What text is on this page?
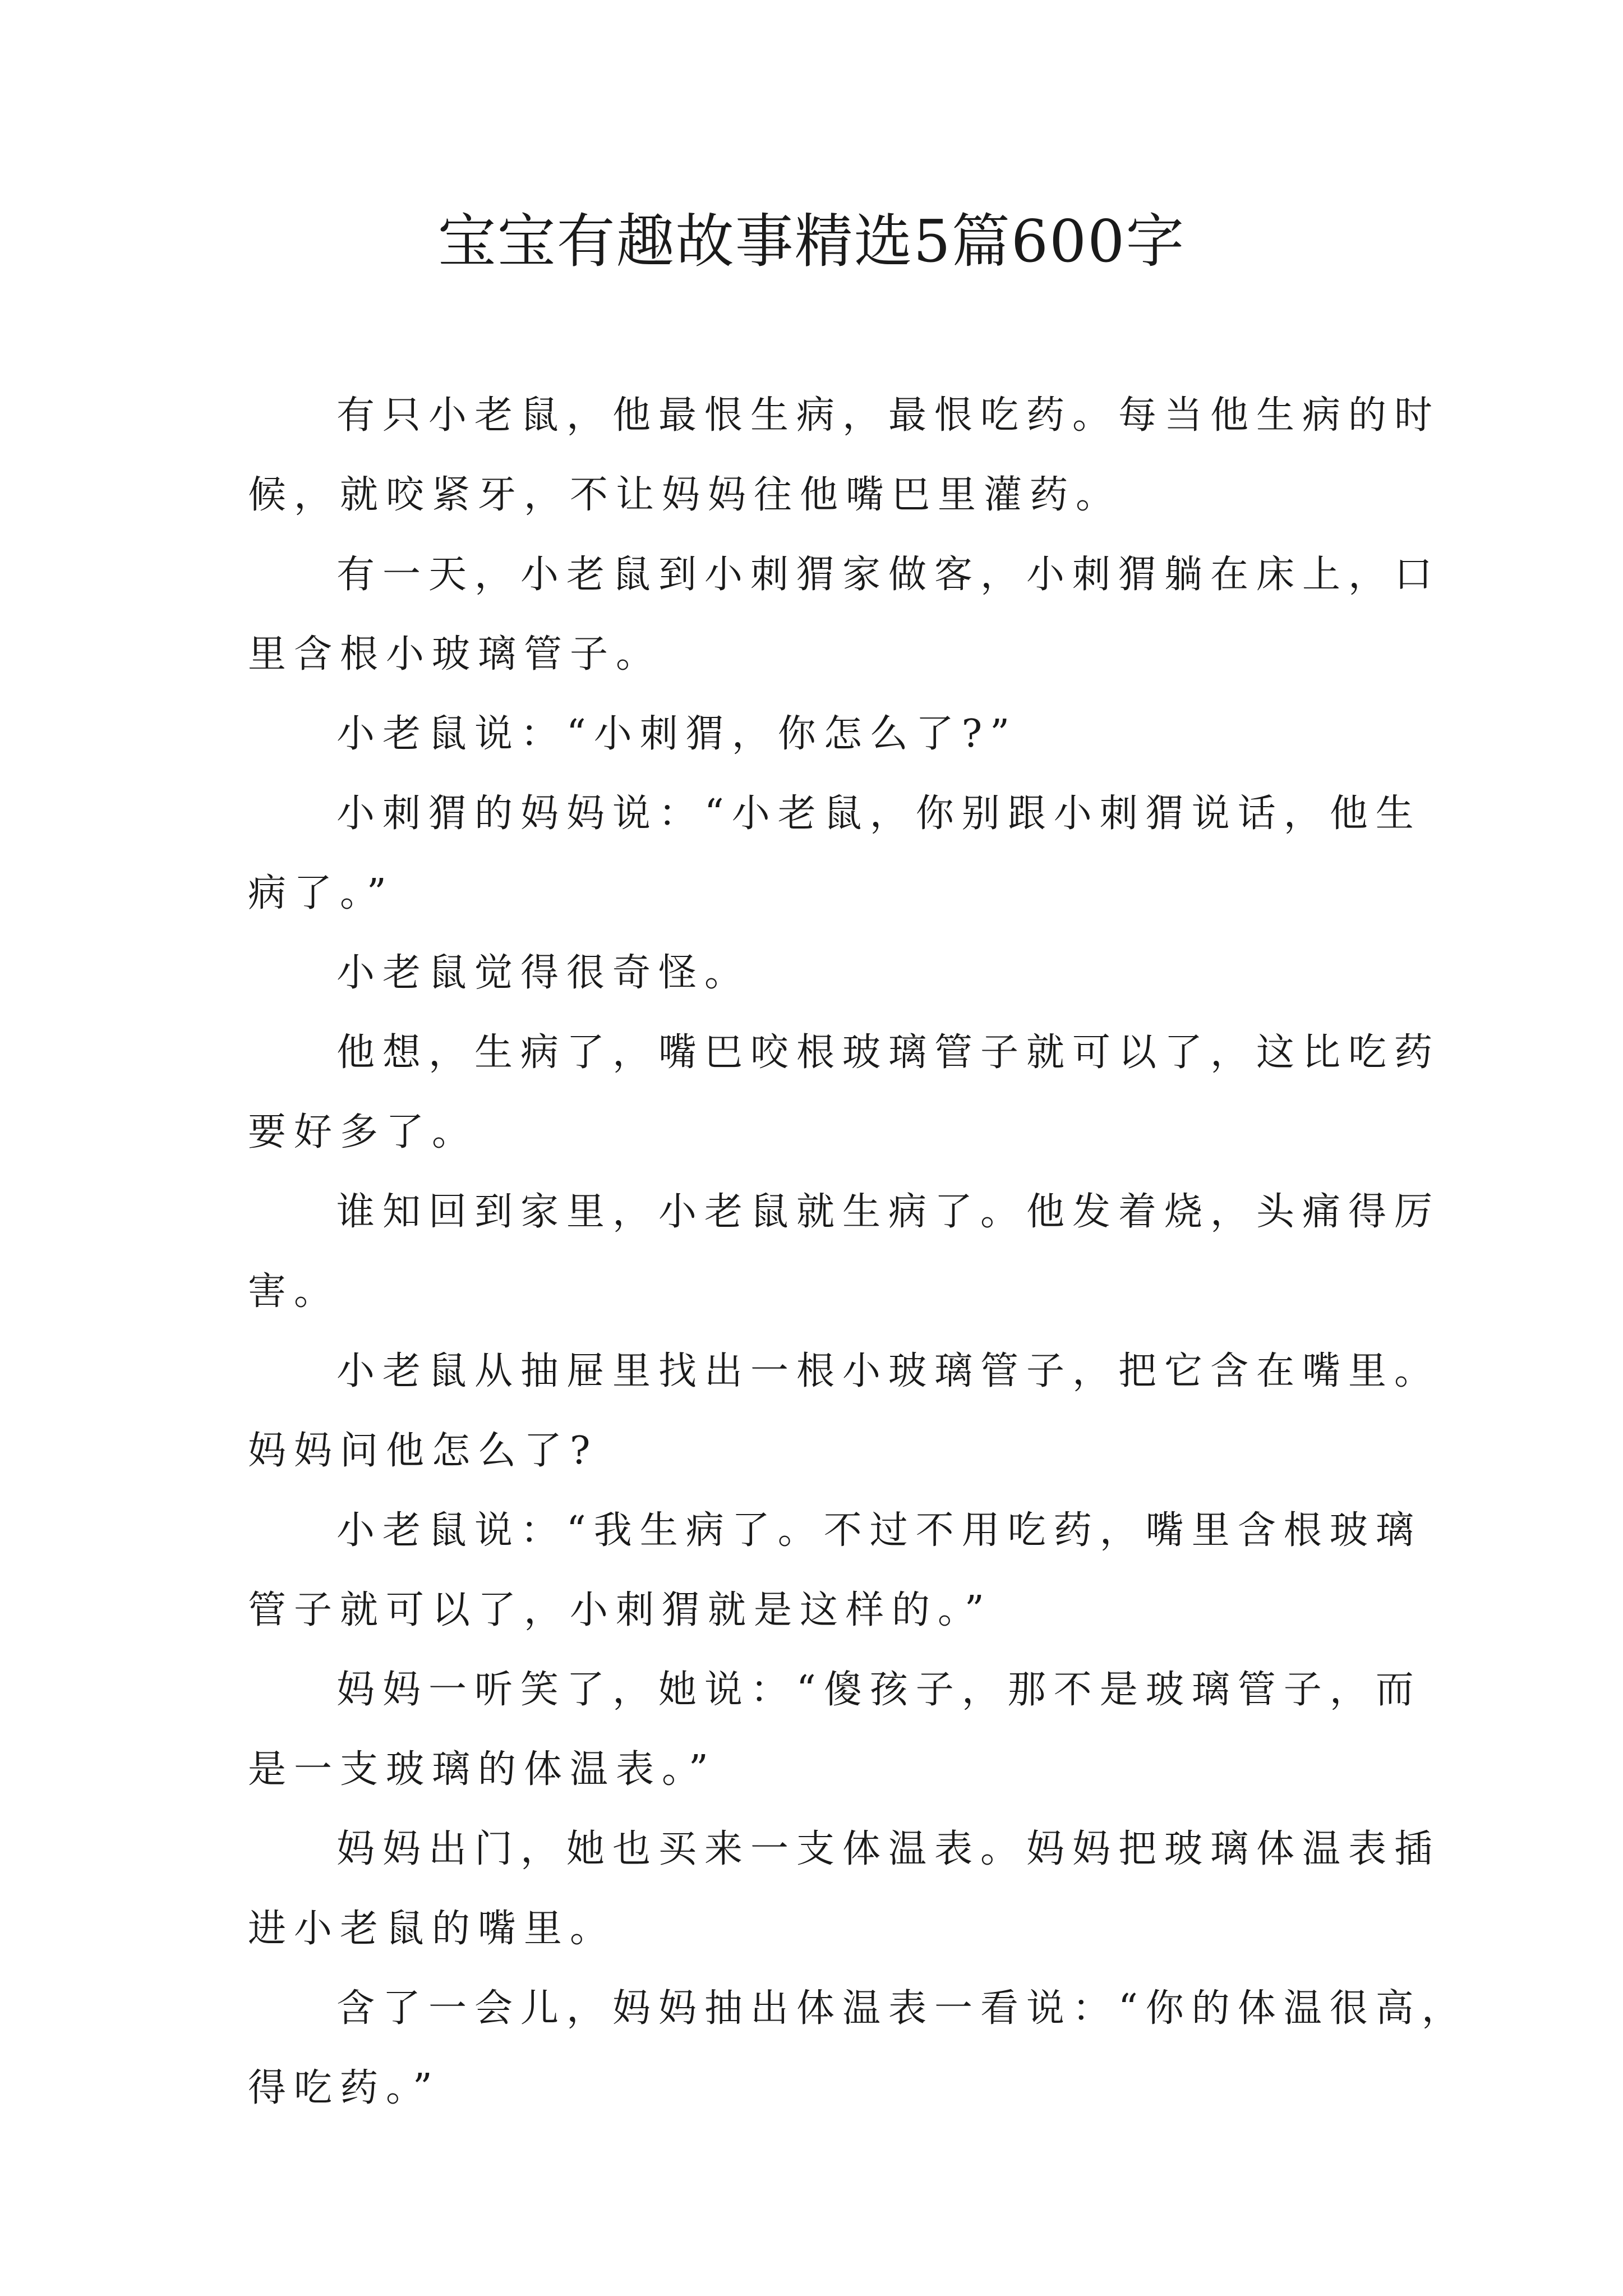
宝宝有趣故事精选5篇600字

有只小老鼠，他最恨生病，最恨吃药。每当他生病的时
候，就咬紧牙，不让妈妈往他嘴巴里灌药。

有一天，小老鼠到小刺猬家做客，小刺猬躺在床上，口
里含根小玻璃管子。

小老鼠说：“小刺猬，你怎么了?”

小刺猬的妈妈说：“小老鼠，你别跟小刺猬说话，他生
病了。”

小老鼠觉得很奇怪。

他想，生病了，嘴巴咬根玻璃管子就可以了，这比吃药
要好多了。

谁知回到家里，小老鼠就生病了。他发着烧，头痛得厉
害。

小老鼠从抽屉里找出一根小玻璃管子，把它含在嘴里。
妈妈问他怎么了?

小老鼠说：“我生病了。不过不用吃药，嘴里含根玻璃
管子就可以了，小刺猬就是这样的。”

妈妈一听笑了，她说：“傻孩子，那不是玻璃管子，而
是一支玻璃的体温表。”

妈妈出门，她也买来一支体温表。妈妈把玻璃体温表插
进小老鼠的嘴里。

含了一会儿，妈妈抽出体温表一看说：“你的体温很高，
得吃药。”
